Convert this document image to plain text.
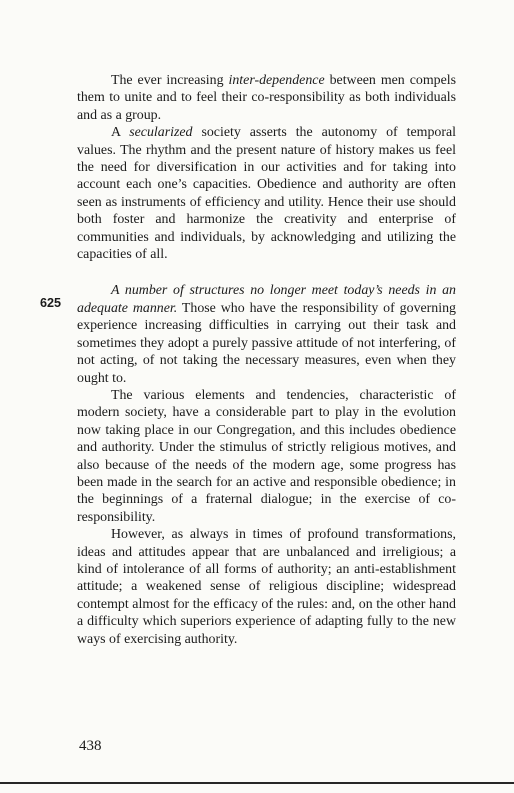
The ever increasing inter-dependence between men compels them to unite and to feel their co-responsibility as both individuals and as a group.

A secularized society asserts the autonomy of temporal values. The rhythm and the present nature of history makes us feel the need for diversification in our activities and for taking into account each one’s capacities. Obedience and authority are often seen as instruments of efficiency and utility. Hence their use should both foster and harmonize the creativity and enterprise of communities and individuals, by acknowledging and utilizing the capacities of all.

A number of structures no longer meet today’s needs in an adequate manner. Those who have the responsibility of governing experience increasing difficulties in carrying out their task and sometimes they adopt a purely passive attitude of not interfering, of not acting, of not taking the necessary measures, even when they ought to.

The various elements and tendencies, characteristic of modern society, have a considerable part to play in the evolution now taking place in our Congregation, and this includes obedience and authority. Under the stimulus of strictly religious motives, and also because of the needs of the modern age, some progress has been made in the search for an active and responsible obedience; in the beginnings of a fraternal dialogue; in the exercise of co-responsibility.

However, as always in times of profound transformations, ideas and attitudes appear that are unbalanced and irreligious; a kind of intolerance of all forms of authority; an anti-establishment attitude; a weakened sense of religious discipline; widespread contempt almost for the efficacy of the rules: and, on the other hand a difficulty which superiors experience of adapting fully to the new ways of exercising authority.

625
438
